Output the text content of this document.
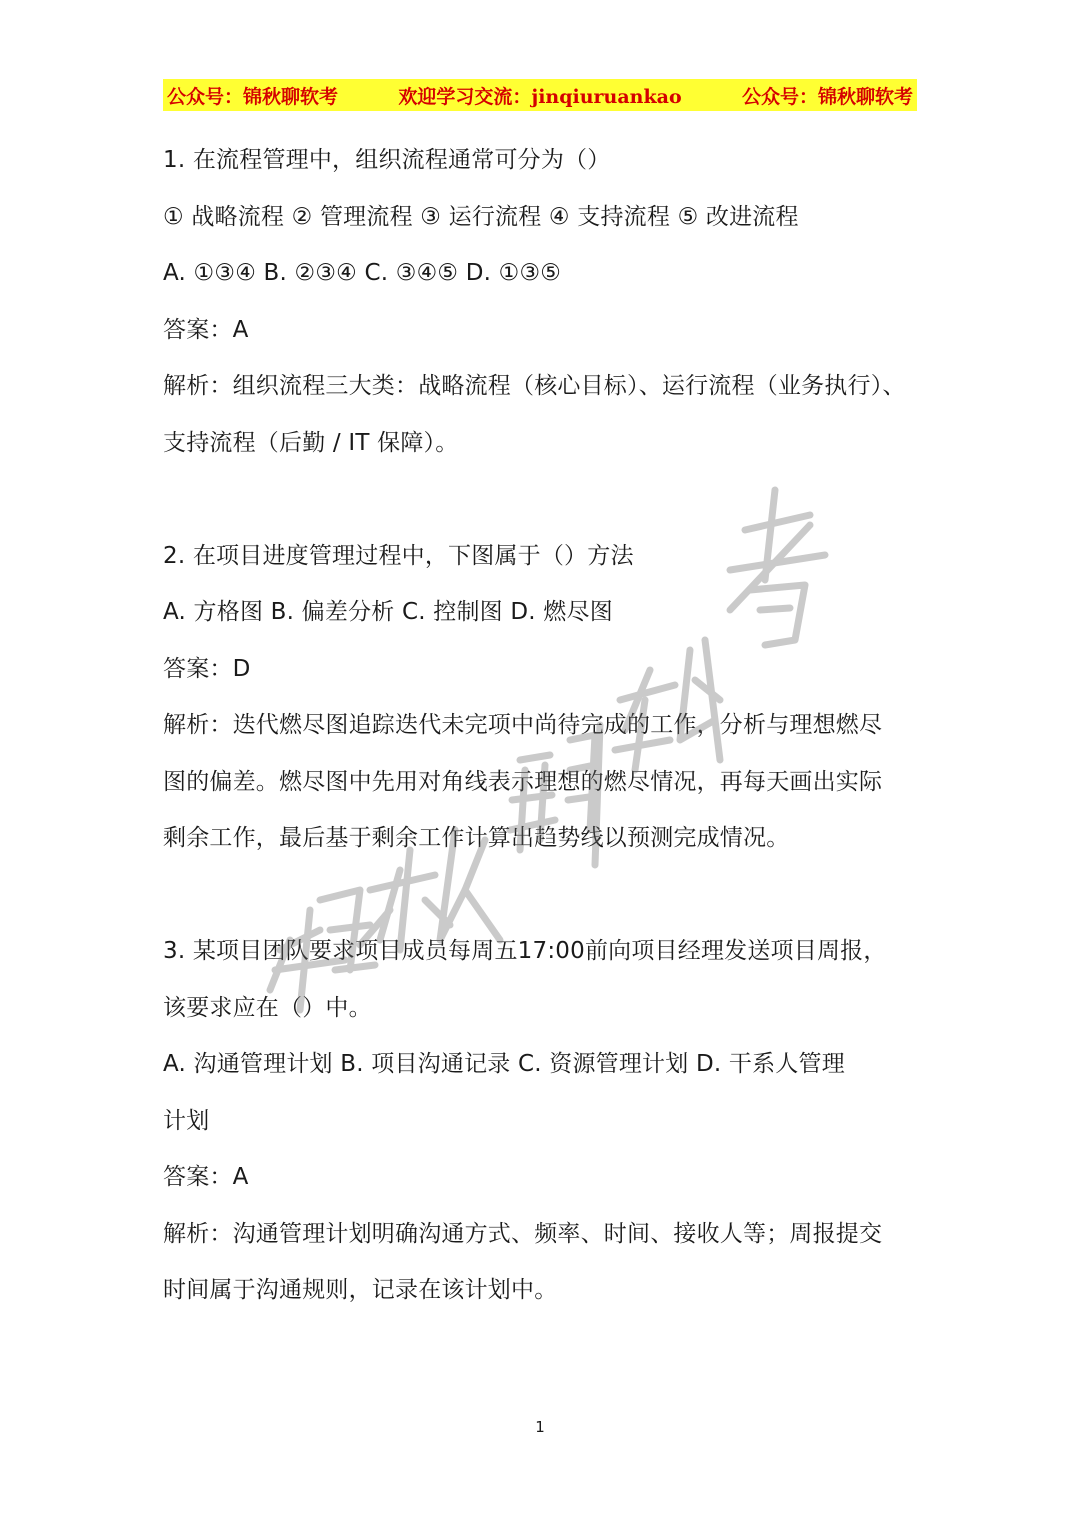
公众号：锦秋聊软考	欢迎学习交流：jinqiuruankao	公众号：锦秋聊软考
1. 在流程管理中，组织流程通常可分为（）
① 战略流程 ② 管理流程 ③ 运行流程 ④ 支持流程 ⑤ 改进流程
A. ①③④ B. ②③④ C. ③④⑤ D. ①③⑤
答案：A
解析：组织流程三大类：战略流程（核心目标）、运行流程（业务执行）、
支持流程（后勤 / IT 保障）。
2. 在项目进度管理过程中，下图属于（）方法
A. 方格图 B. 偏差分析 C. 控制图 D. 燃尽图
答案：D
解析：迭代燃尽图追踪迭代未完项中尚待完成的工作，分析与理想燃尽
图的偏差。燃尽图中先用对角线表示理想的燃尽情况，再每天画出实际
剩余工作，最后基于剩余工作计算出趋势线以预测完成情况。
3. 某项目团队要求项目成员每周五17:00前向项目经理发送项目周报，
该要求应在（）中。
A. 沟通管理计划 B. 项目沟通记录 C. 资源管理计划 D. 干系人管理
计划
答案：A
解析：沟通管理计划明确沟通方式、频率、时间、接收人等；周报提交
时间属于沟通规则，记录在该计划中。
1
